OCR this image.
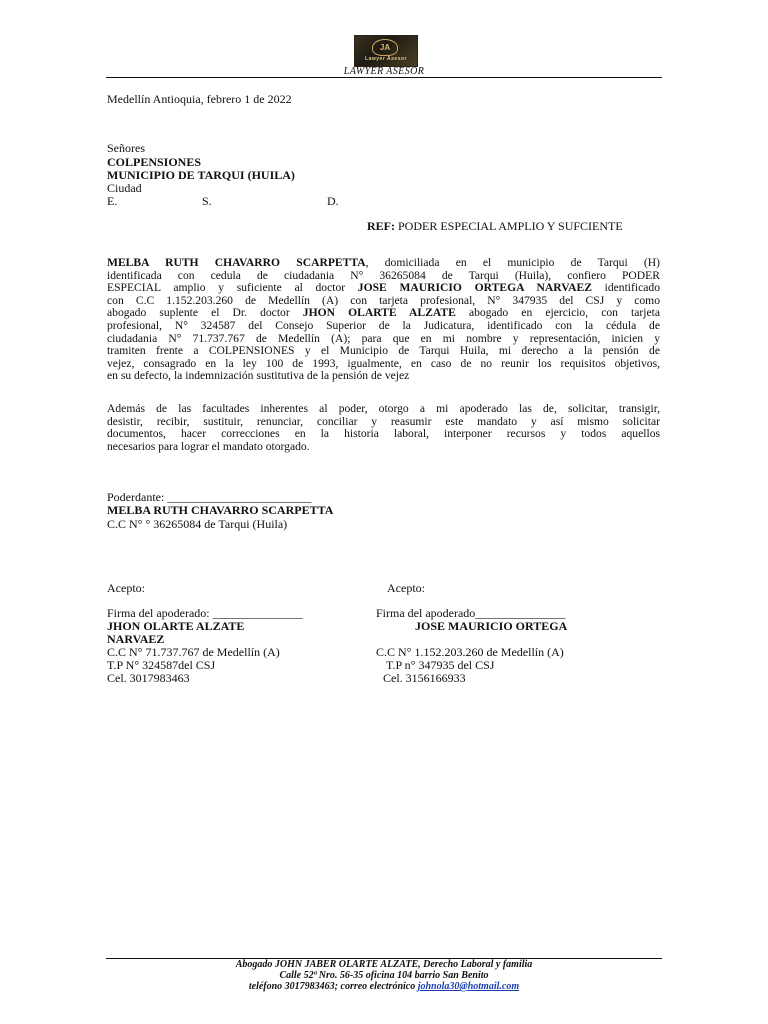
JA
Lawyer Asesor
LAWYER ASESOR
Medellín Antioquia, febrero 1 de 2022
Señores
COLPENSIONES
MUNICIPIO DE TARQUI (HUILA)
Ciudad
E.	S.	D.
REF: PODER ESPECIAL AMPLIO Y SUFCIENTE
MELBA RUTH CHAVARRO SCARPETTA, domiciliada en el municipio de Tarqui (H)
identificada con cedula de ciudadania N° 36265084 de Tarqui (Huila), confiero PODER
ESPECIAL amplio y suficiente al doctor JOSE MAURICIO ORTEGA NARVAEZ identificado
con C.C 1.152.203.260 de Medellín (A) con tarjeta profesional, N° 347935 del CSJ y como
abogado suplente el Dr. doctor JHON OLARTE ALZATE abogado en ejercicio, con tarjeta
profesional, N° 324587 del Consejo Superior de la Judicatura, identificado con la cédula de
ciudadania N° 71.737.767 de Medellín (A); para que en mi nombre y representación, inicien y
tramiten frente a COLPENSIONES y el Municipio de Tarqui Huila, mi derecho a la pensión de
vejez, consagrado en la ley 100 de 1993, igualmente, en caso de no reunir los requisitos objetivos,
en su defecto, la indemnización sustitutiva de la pensión de vejez
Además de las facultades inherentes al poder, otorgo a mi apoderado las de, solicitar, transigir,
desistir, recibir, sustituir, renunciar, conciliar y reasumir este mandato y así mismo solicitar
documentos, hacer correcciones en la historia laboral, interponer recursos y todos aquellos
necesarios para lograr el mandato otorgado.
Poderdante: ________________________
MELBA RUTH CHAVARRO SCARPETTA
C.C N° ° 36265084 de Tarqui (Huila)
Acepto:
Firma del apoderado: _______________
JHON OLARTE ALZATE
NARVAEZ
C.C N° 71.737.767 de Medellín (A)
T.P N° 324587del CSJ
Cel. 3017983463
Acepto:
Firma del apoderado_______________
JOSE MAURICIO ORTEGA
C.C N° 1.152.203.260 de Medellín (A)
T.P n° 347935 del CSJ
Cel. 3156166933
Abogado JOHN JABER OLARTE ALZATE, Derecho Laboral y familia
Calle 52ª Nro. 56-35 oficina 104 barrio San Benito
teléfono 3017983463; correo electrónico johnola30@hotmail.com
